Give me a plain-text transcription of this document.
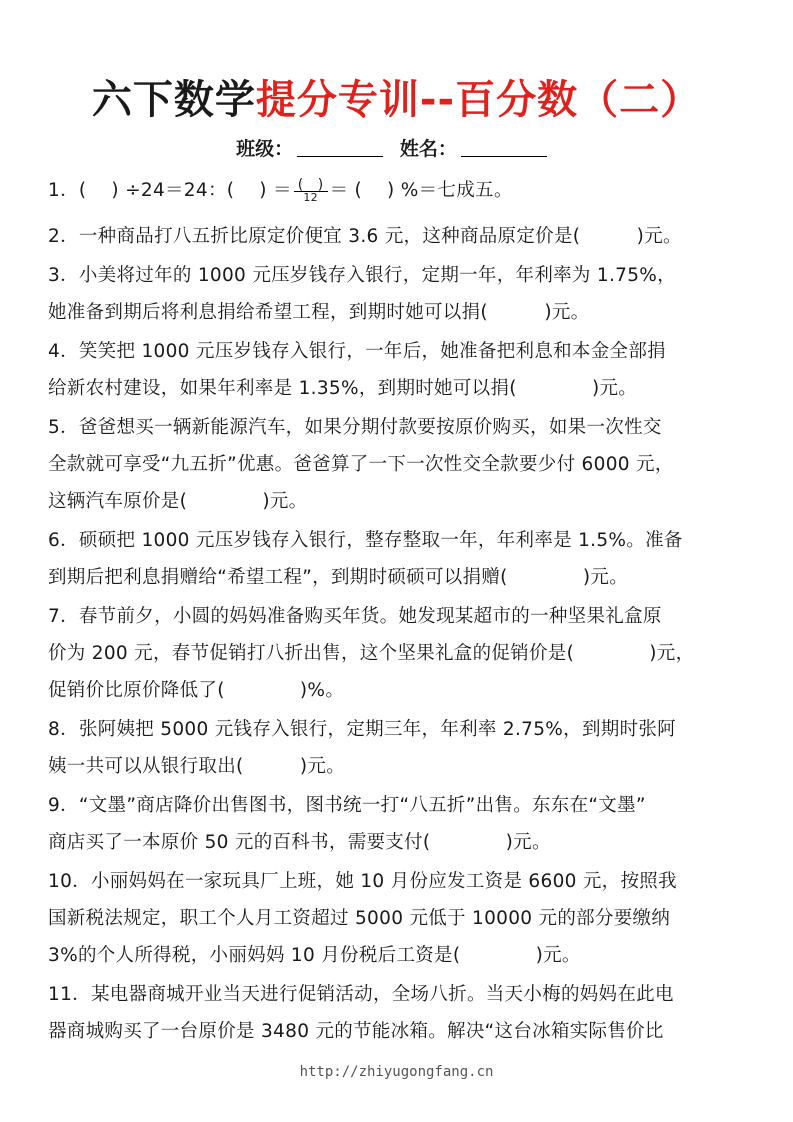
六下数学提分专训--百分数（二）
班级：	姓名：
1．(　 ) ÷24＝24：(　 ) ＝ $\frac{( )}{12}$ ＝ (　 ) %＝七成五。
2．一种商品打八五折比原定价便宜 3.6 元，这种商品原定价是(　　　)元。
3．小美将过年的 1000 元压岁钱存入银行，定期一年，年利率为 1.75%，
她准备到期后将利息捐给希望工程，到期时她可以捐(　　　)元。
4．笑笑把 1000 元压岁钱存入银行，一年后，她准备把利息和本金全部捐
给新农村建设，如果年利率是 1.35%，到期时她可以捐(　　　　)元。
5．爸爸想买一辆新能源汽车，如果分期付款要按原价购买，如果一次性交
全款就可享受“九五折”优惠。爸爸算了一下一次性交全款要少付 6000 元，
这辆汽车原价是(　　　　)元。
6．硕硕把 1000 元压岁钱存入银行，整存整取一年，年利率是 1.5%。准备
到期后把利息捐赠给“希望工程”，到期时硕硕可以捐赠(　　　　)元。
7．春节前夕，小圆的妈妈准备购买年货。她发现某超市的一种坚果礼盒原
价为 200 元，春节促销打八折出售，这个坚果礼盒的促销价是(　　　　)元，
促销价比原价降低了(　　　　)%。
8．张阿姨把 5000 元钱存入银行，定期三年，年利率 2.75%，到期时张阿
姨一共可以从银行取出(　　　)元。
9．“文墨”商店降价出售图书，图书统一打“八五折”出售。东东在“文墨”
商店买了一本原价 50 元的百科书，需要支付(　　　　)元。
10．小丽妈妈在一家玩具厂上班，她 10 月份应发工资是 6600 元，按照我
国新税法规定，职工个人月工资超过 5000 元低于 10000 元的部分要缴纳
3%的个人所得税，小丽妈妈 10 月份税后工资是(　　　　)元。
11．某电器商城开业当天进行促销活动，全场八折。当天小梅的妈妈在此电
器商城购买了一台原价是 3480 元的节能冰箱。解决“这台冰箱实际售价比
http://zhiyugongfang.cn
